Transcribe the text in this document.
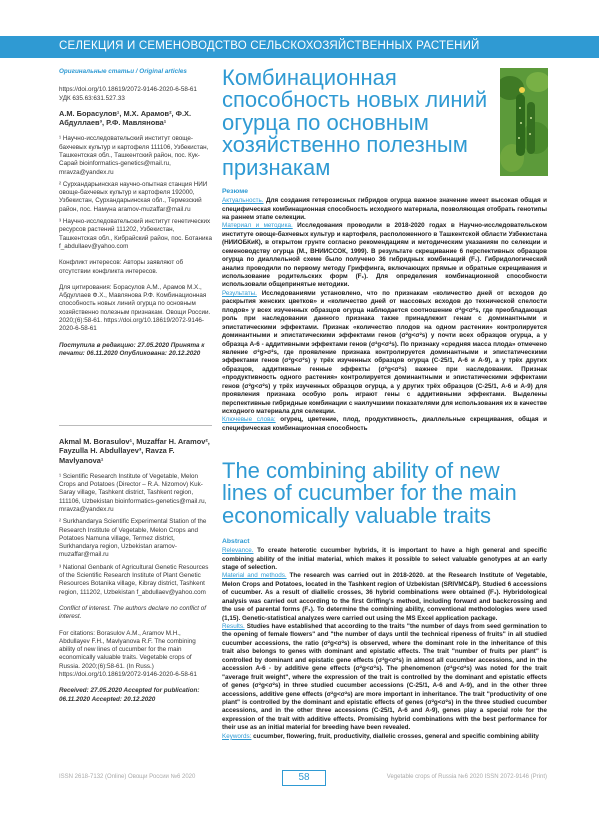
СЕЛЕКЦИЯ И СЕМЕНОВОДСТВО СЕЛЬСКОХОЗЯЙСТВЕННЫХ РАСТЕНИЙ

Оригинальные статьи / Original articles

https://doi.org/10.18619/2072-9146-2020-6-58-61

УДК 635.63:631.527.33

А.М. Борасулов¹, М.Х. Арамов², Ф.Х. Абдуллаев³, Р.Ф. Мавлянова¹

¹ Научно-исследовательский институт овоще-бахчевых культур и картофеля 111106, Узбекистан, Ташкентская обл., Ташкентский район, пос. Кук-Сарай bioinformatics-genetics@mail.ru, mravza@yandex.ru

² Сурхандарьинская научно-опытная станция НИИ овоще-бахчевых культур и картофеля 192000, Узбекистан, Сурхандарьинская обл., Термезский район, пос. Намуна aramov-muzaffar@mail.ru

³ Научно-исследовательский институт генетических ресурсов растений 111202, Узбекистан, Ташкентская обл., Кибрайский район, пос. Ботаника f_abdullaev@yahoo.com

Конфликт интересов: Авторы заявляют об отсутствии конфликта интересов.

Для цитирования: Борасулов А.М., Арамов М.Х., Абдуллаев Ф.Х., Мавлянова Р.Ф. Комбинационная способность новых линий огурца по основным хозяйственно полезным признакам. Овощи России. 2020;(6):58-61. https://doi.org/10.18619/2072-9146-2020-6-58-61

Поступила в редакцию: 27.05.2020 Принята к печати: 06.11.2020 Опубликована: 20.12.2020

Akmal M. Borasulov¹, Muzaffar H. Aramov², Fayzulla H. Abdullayev³, Ravza F. Mavlyanova¹

¹ Scientific Research Institute of Vegetable, Melon Crops and Potatoes (Director – R.A. Nizomov) Kuk-Saray village, Tashkent district, Tashkent region, 111106, Uzbekistan bioinformatics-genetics@mail.ru, mravza@yandex.ru

² Surkhandarya Scientific Experimental Station of the Research Institute of Vegetable, Melon Crops and Potatoes Namuna village, Termez district, Surkhandarya region, Uzbekistan aramov-muzaffar@mail.ru

³ National Genbank of Agricultural Genetic Resources of the Scientific Research Institute of Plant Genetic Resources Botanika village, Kibray district, Tashkent region, 111202, Uzbekistan f_abdullaev@yahoo.com

Conflict of interest. The authors declare no conflict of interest.

For citations: Borasulov A.M., Aramov M.H., Abdullayev F.H., Mavlyanova R.F. The combining ability of new lines of cucumber for the main economically valuable traits. Vegetable crops of Russia. 2020;(6):58-61. (In Russ.) https://doi.org/10.18619/2072-9146-2020-6-58-61

Received: 27.05.2020 Accepted for publication: 06.11.2020 Accepted: 20.12.2020

Комбинационная способность новых линий огурца по основным хозяйственно полезным признакам
Резюме

Актуальность. Для создания гетерозисных гибридов огурца важное значение имеет высокая общая и специфическая комбинационная способность исходного материала, позволяющая отобрать генотипы на раннем этапе селекции.

Материал и методика. Исследования проводили в 2018-2020 годах в Научно-исследовательском институте овоще-бахчевых культур и картофеля, расположенного в Ташкентской области Узбекистана (НИИОБКиК), в открытом грунте согласно рекомендациям и методическим указаниям по селекции и семеноводству огурца (М., ВНИИССОК, 1999). В результате скрещивание 6 перспективных образцов огурца по диаллельной схеме было получено 36 гибридных комбинаций (F₁). Гибридологический анализ проводили по первому методу Гриффинга, включающих прямые и обратные скрещивания и использование родительских форм (F₁). Для определения комбинационной способности использовали общепринятые методики.

Результаты. Исследованиями установлено, что по признакам «количество дней от всходов до раскрытия женских цветков» и «количество дней от массовых всходов до технической спелости плодов» у всех изученных образцов огурца наблюдается соотношение σ²g<σ²s, где преобладающая роль при наследовании данного признака также принадлежит генам с доминантными и эпистатическими эффектами. Признак «количество плодов на одном растении» контролируется доминантными и эпистатическими эффектами генов (σ²g<σ²s) у почти всех образцов огурца, а у образца А-6 - аддитивными эффектами генов (σ²g<σ²s). По признаку «средняя масса плода» отмечено явление σ²g>σ²s, где проявление признака контролируется доминантными и эпистатическими эффектами генов (σ²g<σ²s) у трёх изученных образцов огурца (С-25/1, А-6 и А-9), а у трёх других образцов, аддитивные генные эффекты (σ²g<σ²s) важнее при наследовании. Признак «продуктивность одного растения» контролируется доминантными и эпистатическими эффектами генов (σ²g<σ²s) у трёх изученных образцов огурца, а у других трёх образцов (С-25/1, А-6 и А-9) для проявления признака особую роль играют гены с аддитивными эффектами. Выделены перспективные гибридные комбинации с наилучшими показателями для использования их в качестве исходного материала для селекции.

Ключевые слова: огурец, цветение, плод, продуктивность, диаллельные скрещивания, общая и специфическая комбинационная способность

The combining ability of new lines of cucumber for the main economically valuable traits
Abstract

Relevance. To create heterotic cucumber hybrids, it is important to have a high general and specific combining ability of the initial material, which makes it possible to select valuable genotypes at an early stage of selection.

Material and methods. The research was carried out in 2018-2020. at the Research Institute of Vegetable, Melon Crops and Potatoes, located in the Tashkent region of Uzbekistan (SRIVMC&P). Studied 6 accessions of cucumber. As a result of diallelic crosses, 36 hybrid combinations were obtained (F₁). Hybridological analysis was carried out according to the first Griffing's method, including forward and backcrossing and the use of parental forms (F₁). To determine the combining ability, conventional methodologies were used (1,15). Genetic-statistical analyzes were carried out using the MS Excel application package.

Results. Studies have established that according to the traits "the number of days from seed germination to the opening of female flowers" and "the number of days until the technical ripeness of fruits" in all studied cucumber accessions, the ratio (σ²g<σ²s) is observed, where the dominant role in the inheritance of this trait also belongs to genes with dominant and epistatic effects. The trait "number of fruits per plant" is controlled by dominant and epistatic gene effects (σ²g<σ²s) in almost all cucumber accessions, and in the accession A-6 - by additive gene effects (σ²g<σ²s). The phenomenon (σ²g<σ²s) was noted for the trait "average fruit weight", where the expression of the trait is controlled by the dominant and epistatic effects of genes (σ²g<σ²s) in three studied cucumber accessions (C-25/1, A-6 and A-9), and in the other three accessions, additive gene effects (σ²g<σ²s) are more important in inheritance. The trait "productivity of one plant" is controlled by the dominant and epistatic effects of genes (σ²g<σ²s) in the three studied cucumber accessions, and in the other three accessions (C-25/1, A-6 and A-9), genes play a special role for the expression of the trait with additive effects. Promising hybrid combinations with the best performance for their use as an initial material for breeding have been revealed.

Keywords: cucumber, flowering, fruit, productivity, diallelic crosses, general and specific combining ability

ISSN 2618-7132 (Online) Овощи России №6 2020	58	Vegetable crops of Russia №6 2020 ISSN 2072-9146 (Print)
